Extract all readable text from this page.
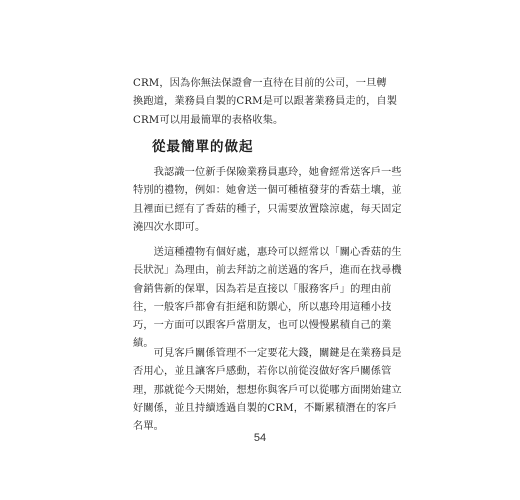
CRM，因為你無法保證會一直待在目前的公司，一旦轉
換跑道，業務員自製的CRM是可以跟著業務員走的，自製
CRM可以用最簡單的表格收集。
從最簡單的做起
　　我認識一位新手保險業務員惠玲，她會經常送客戶一些
特別的禮物，例如：她會送一個可種植發芽的香菇土壤，並
且裡面已經有了香菇的種子，只需要放置陰涼處，每天固定
澆四次水即可。
　　送這種禮物有個好處，惠玲可以經常以「關心香菇的生
長狀況」為理由，前去拜訪之前送過的客戶，進而在找尋機
會銷售新的保單，因為若是直接以「服務客戶」的理由前
往，一般客戶都會有拒絕和防禦心，所以惠玲用這種小技
巧，一方面可以跟客戶當朋友，也可以慢慢累積自己的業
績。
　　可見客戶關係管理不一定要花大錢，關鍵是在業務員是
否用心，並且讓客戶感動，若你以前從沒做好客戶關係管
理，那就從今天開始，想想你與客戶可以從哪方面開始建立
好關係，並且持續透過自製的CRM，不斷累積潛在的客戶
名單。
54
